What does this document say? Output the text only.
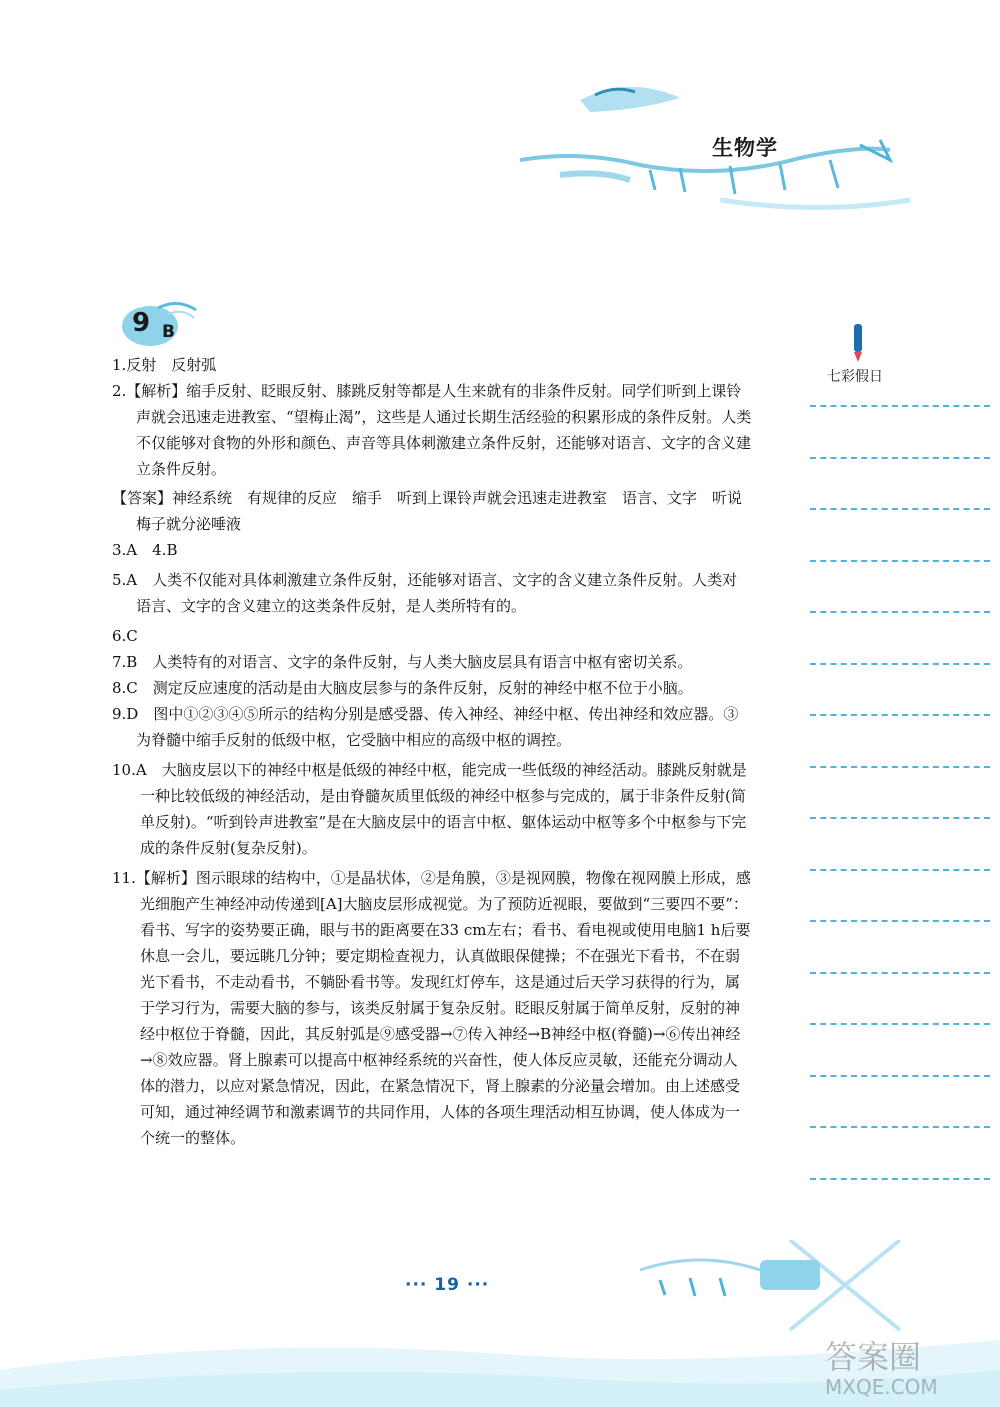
生物学
9 B
七彩假日

1.反射　反射弧

2.【解析】缩手反射、眨眼反射、膝跳反射等都是人生来就有的非条件反射。同学们听到上课铃声就会迅速走进教室、“望梅止渴”，这些是人通过长期生活经验的积累形成的条件反射。人类不仅能够对食物的外形和颜色、声音等具体刺激建立条件反射，还能够对语言、文字的含义建立条件反射。

【答案】神经系统　有规律的反应　缩手　听到上课铃声就会迅速走进教室　语言、文字　听说梅子就分泌唾液

3.A　4.B

5.A　人类不仅能对具体刺激建立条件反射，还能够对语言、文字的含义建立条件反射。人类对语言、文字的含义建立的这类条件反射，是人类所特有的。

6.C

7.B　人类特有的对语言、文字的条件反射，与人类大脑皮层具有语言中枢有密切关系。

8.C　测定反应速度的活动是由大脑皮层参与的条件反射，反射的神经中枢不位于小脑。

9.D　图中①②③④⑤所示的结构分别是感受器、传入神经、神经中枢、传出神经和效应器。③为脊髓中缩手反射的低级中枢，它受脑中相应的高级中枢的调控。

10.A　大脑皮层以下的神经中枢是低级的神经中枢，能完成一些低级的神经活动。膝跳反射就是一种比较低级的神经活动，是由脊髓灰质里低级的神经中枢参与完成的，属于非条件反射(简单反射)。“听到铃声进教室”是在大脑皮层中的语言中枢、躯体运动中枢等多个中枢参与下完成的条件反射(复杂反射)。

11.【解析】图示眼球的结构中，①是晶状体，②是角膜，③是视网膜，物像在视网膜上形成，感光细胞产生神经冲动传递到[A]大脑皮层形成视觉。为了预防近视眼，要做到“三要四不要”：看书、写字的姿势要正确，眼与书的距离要在33 cm左右；看书、看电视或使用电脑1 h后要休息一会儿，要远眺几分钟；要定期检查视力，认真做眼保健操；不在强光下看书，不在弱光下看书，不走动看书，不躺卧看书等。发现红灯停车，这是通过后天学习获得的行为，属于学习行为，需要大脑的参与，该类反射属于复杂反射。眨眼反射属于简单反射，反射的神经中枢位于脊髓，因此，其反射弧是⑨感受器→⑦传入神经→B神经中枢(脊髓)→⑥传出神经→⑧效应器。肾上腺素可以提高中枢神经系统的兴奋性，使人体反应灵敏，还能充分调动人体的潜力，以应对紧急情况，因此，在紧急情况下，肾上腺素的分泌量会增加。由上述感受可知，通过神经调节和激素调节的共同作用，人体的各项生理活动相互协调，使人体成为一个统一的整体。

··· 19 ···
答案圈
MXQE.COM
